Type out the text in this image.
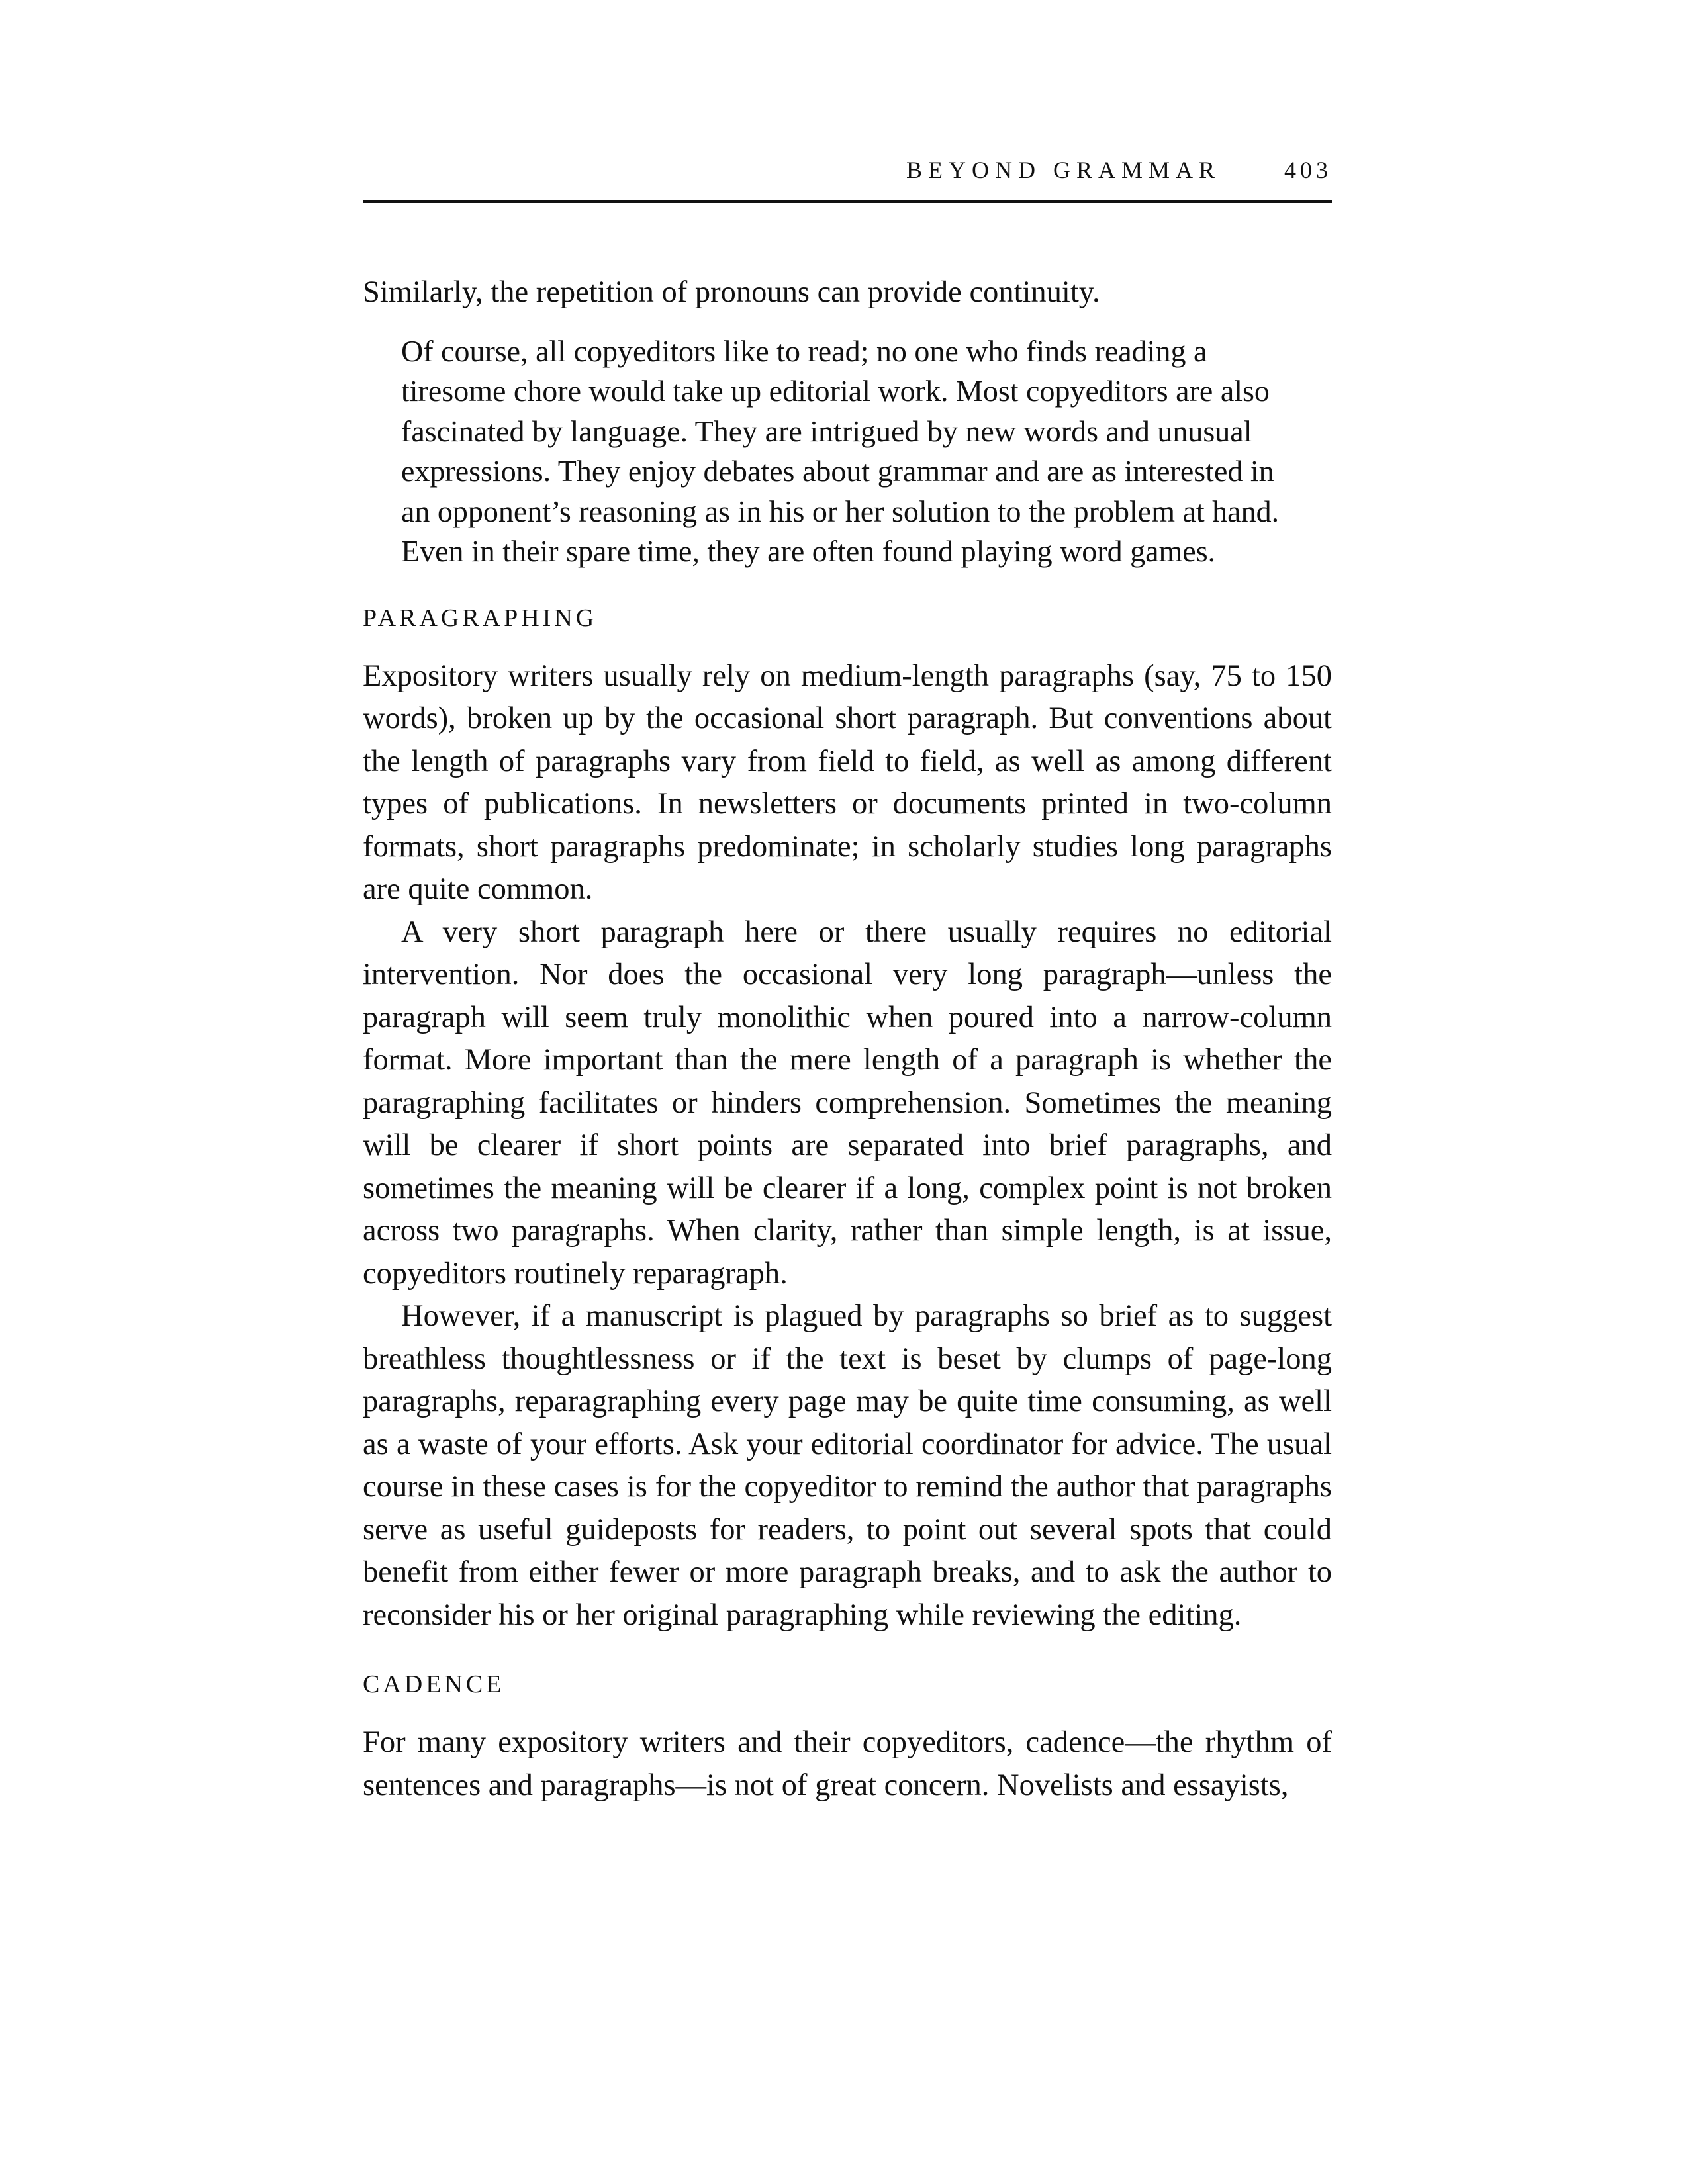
BEYOND GRAMMAR	403

Similarly, the repetition of pronouns can provide continuity.

Of course, all copyeditors like to read; no one who finds reading a tiresome chore would take up editorial work. Most copyeditors are also fascinated by language. They are intrigued by new words and unusual expressions. They enjoy debates about grammar and are as interested in an opponent’s reasoning as in his or her solution to the problem at hand. Even in their spare time, they are often found playing word games.

PARAGRAPHING

Expository writers usually rely on medium-length paragraphs (say, 75 to 150 words), broken up by the occasional short paragraph. But conventions about the length of paragraphs vary from field to field, as well as among different types of publications. In newsletters or documents printed in two-column formats, short paragraphs predominate; in scholarly studies long paragraphs are quite common.

A very short paragraph here or there usually requires no editorial intervention. Nor does the occasional very long paragraph—unless the paragraph will seem truly monolithic when poured into a narrow-column format. More important than the mere length of a paragraph is whether the paragraphing facilitates or hinders comprehension. Sometimes the meaning will be clearer if short points are separated into brief paragraphs, and sometimes the meaning will be clearer if a long, complex point is not broken across two paragraphs. When clarity, rather than simple length, is at issue, copyeditors routinely reparagraph.

However, if a manuscript is plagued by paragraphs so brief as to suggest breathless thoughtlessness or if the text is beset by clumps of page-long paragraphs, reparagraphing every page may be quite time consuming, as well as a waste of your efforts. Ask your editorial coordinator for advice. The usual course in these cases is for the copyeditor to remind the author that paragraphs serve as useful guideposts for readers, to point out several spots that could benefit from either fewer or more paragraph breaks, and to ask the author to reconsider his or her original paragraphing while reviewing the editing.

CADENCE

For many expository writers and their copyeditors, cadence—the rhythm of sentences and paragraphs—is not of great concern. Novelists and essayists,
